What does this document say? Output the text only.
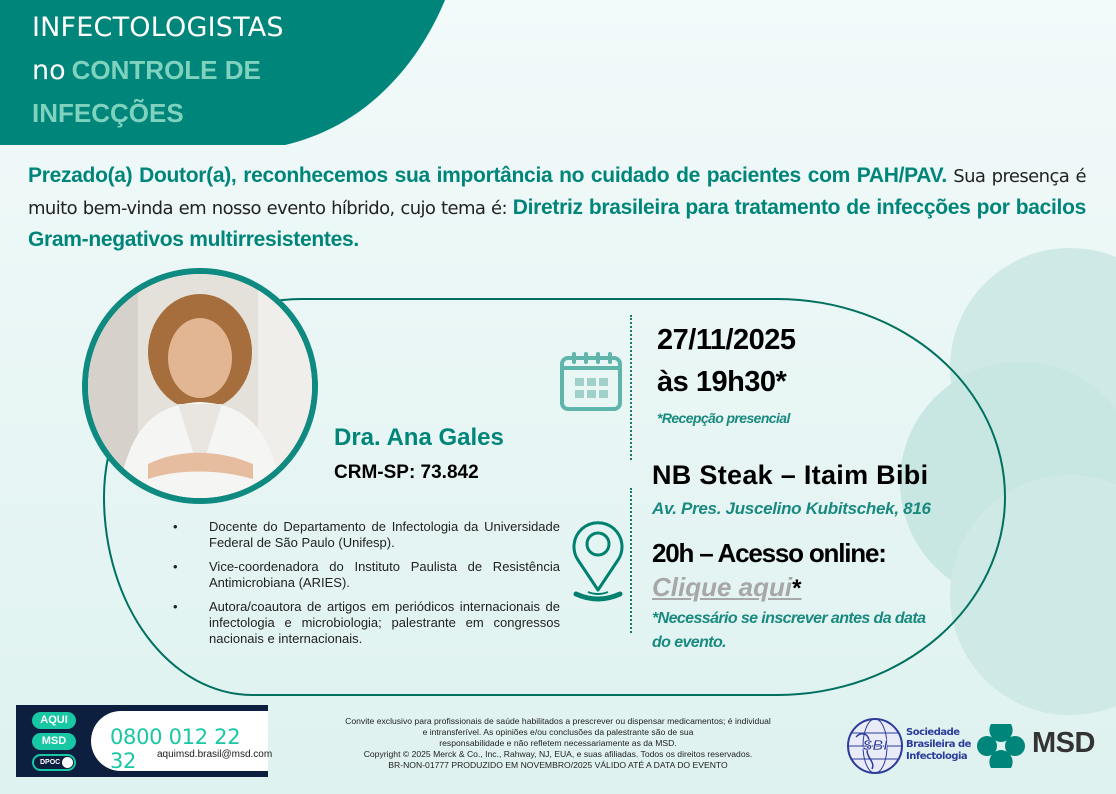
INFECTOLOGISTAS
no CONTROLE DE
INFECÇÕES

Prezado(a) Doutor(a), reconhecemos sua importância no cuidado de pacientes com PAH/PAV. Sua presença é muito bem-vinda em nosso evento híbrido, cujo tema é: Diretriz brasileira para tratamento de infecções por bacilos Gram-negativos multirresistentes.

Dra. Ana Gales
CRM-SP: 73.842
• Docente do Departamento de Infectologia da Universidade Federal de São Paulo (Unifesp).
• Vice-coordenadora do Instituto Paulista de Resistência Antimicrobiana (ARIES).
• Autora/coautora de artigos em periódicos internacionais de infectologia e microbiologia; palestrante em congressos nacionais e internacionais.
27/11/2025
às 19h30*
*Recepção presencial
NB Steak – Itaim Bibi
Av. Pres. Juscelino Kubitschek, 816
20h – Acesso online:
Clique aqui*
*Necessário se inscrever antes da data do evento.
AQUI
MSD
DPOC
0800 012 22 32	aquimsd.brasil@msd.com
Convite exclusivo para profissionais de saúde habilitados a prescrever ou dispensar medicamentos; é individual
e intransferível. As opiniões e/ou conclusões da palestrante são de sua
responsabilidade e não refletem necessariamente as da MSD.
Copyright © 2025 Merck & Co., Inc., Rahway, NJ, EUA, e suas afiliadas. Todos os direitos reservados.
BR-NON-01777 PRODUZIDO EM NOVEMBRO/2025 VÁLIDO ATÉ A DATA DO EVENTO
SBI
Sociedade
Brasileira de
Infectologia MSD
